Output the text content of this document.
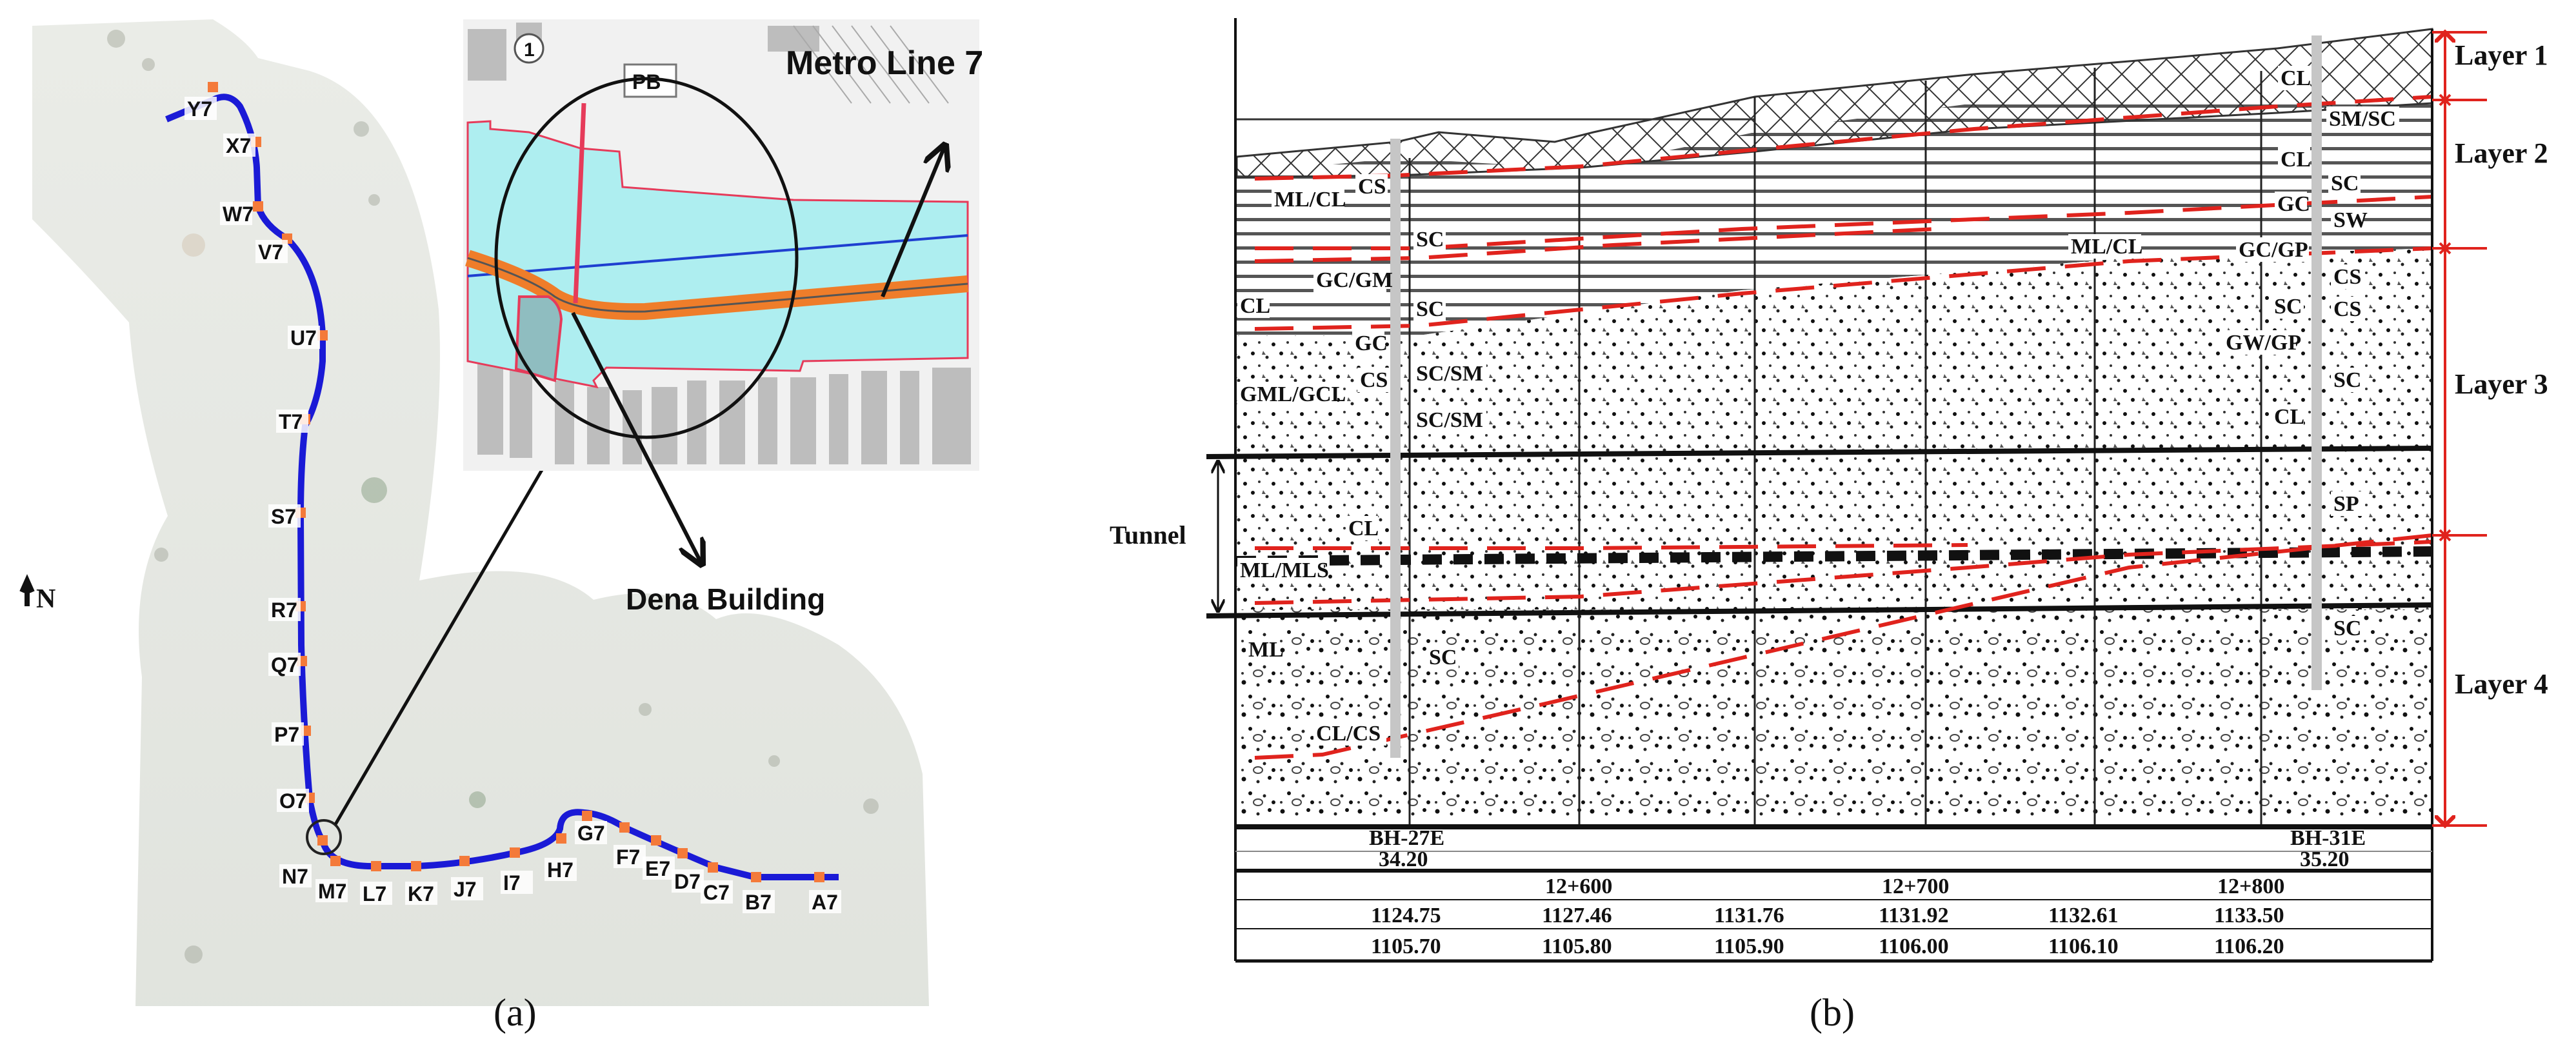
Y7
X7
W7
V7
U7
T7
S7
R7
Q7
P7
O7
N7
M7 L7 K7 J7 I7
H7
G7
F7 E7
D7 C7 B7 A7
N
PB
1	Metro Line 7
Dena Building
(a)
Tunnel
CS
ML/CL
SC
GC/GM
CL	SC
GC
CS SC/SM
GML/GCL
SC/SM
CL
ML/MLS
ML	SC
CL/CS
ML/CL
CL
SM/SC
CL
SC
GC
SW
GC/GP
CS
SC CS
GW/GP
SC
CL
SP
SC
Layer 1
Layer 2
Layer 3
Layer 4
BH-27E
34.20
BH-31E
35.20
12+600	12+700	12+800
1124.75	1127.46	1131.76	1131.92	1132.61	1133.50
1105.70	1105.80	1105.90	1106.00	1106.10	1106.20
(b)
